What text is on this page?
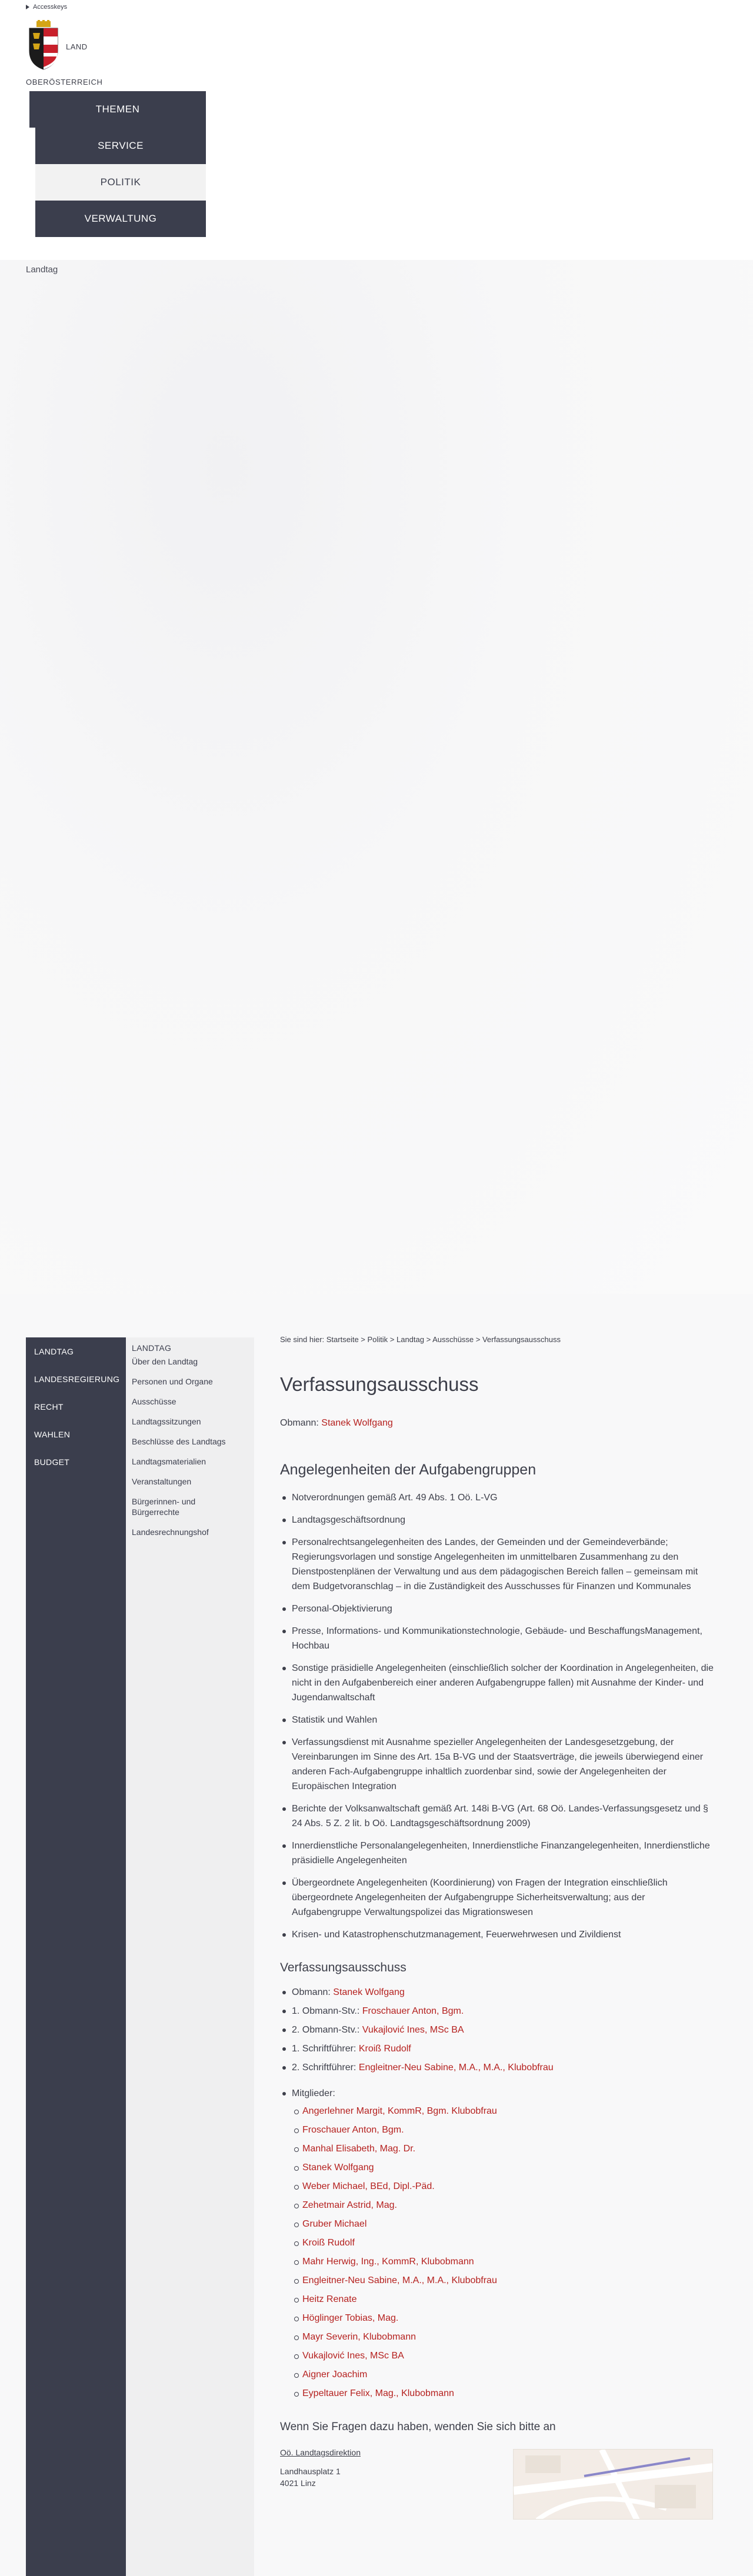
Accesskeys
LAND
OBERÖSTERREICH
THEMEN
SERVICE
POLITIK
VERWALTUNG
Landtag
LANDTAG
LANDESREGIERUNG
RECHT
WAHLEN
BUDGET
LANDTAG
Über den Landtag
Personen und Organe
Ausschüsse
Landtagssitzungen
Beschlüsse des Landtags
Landtagsmaterialien
Veranstaltungen
Bürgerinnen- und Bürgerrechte
Landesrechnungshof
Sie sind hier: Startseite > Politik > Landtag > Ausschüsse > Verfassungsausschuss
Verfassungsausschuss

Obmann: Stanek Wolfgang

Angelegenheiten der Aufgabengruppen
Notverordnungen gemäß Art. 49 Abs. 1 Oö. L-VG
Landtagsgeschäftsordnung
Personalrechtsangelegenheiten des Landes, der Gemeinden und der Gemeindeverbände; Regierungsvorlagen und sonstige Angelegenheiten im unmittelbaren Zusammenhang zu den Dienstpostenplänen der Verwaltung und aus dem pädagogischen Bereich fallen – gemeinsam mit dem Budgetvoranschlag – in die Zuständigkeit des Ausschusses für Finanzen und Kommunales
Personal-Objektivierung
Presse, Informations- und Kommunikationstechnologie, Gebäude- und BeschaffungsManagement, Hochbau
Sonstige präsidielle Angelegenheiten (einschließlich solcher der Koordination in Angelegenheiten, die nicht in den Aufgabenbereich einer anderen Aufgabengruppe fallen) mit Ausnahme der Kinder- und Jugendanwaltschaft
Statistik und Wahlen
Verfassungsdienst mit Ausnahme spezieller Angelegenheiten der Landesgesetzgebung, der Vereinbarungen im Sinne des Art. 15a B-VG und der Staatsverträge, die jeweils überwiegend einer anderen Fach-Aufgabengruppe inhaltlich zuordenbar sind, sowie der Angelegenheiten der Europäischen Integration
Berichte der Volksanwaltschaft gemäß Art. 148i B-VG (Art. 68 Oö. Landes-Verfassungsgesetz und § 24 Abs. 5 Z. 2 lit. b Oö. Landtagsgeschäftsordnung 2009)
Innerdienstliche Personalangelegenheiten, Innerdienstliche Finanzangelegenheiten, Innerdienstliche präsidielle Angelegenheiten
Übergeordnete Angelegenheiten (Koordinierung) von Fragen der Integration einschließlich übergeordnete Angelegenheiten der Aufgabengruppe Sicherheitsverwaltung; aus der Aufgabengruppe Verwaltungspolizei das Migrationswesen
Krisen- und Katastrophenschutzmanagement, Feuerwehrwesen und Zivildienst
Verfassungsausschuss
Obmann: Stanek Wolfgang
1. Obmann-Stv.: Froschauer Anton, Bgm.
2. Obmann-Stv.: Vukajlović Ines, MSc BA
1. Schriftführer: Kroiß Rudolf
2. Schriftführer: Engleitner-Neu Sabine, M.A., M.A., Klubobfrau
Mitglieder:
Angerlehner Margit, KommR, Bgm. Klubobfrau
Froschauer Anton, Bgm.
Manhal Elisabeth, Mag. Dr.
Stanek Wolfgang
Weber Michael, BEd, Dipl.-Päd.
Zehetmair Astrid, Mag.
Gruber Michael
Kroiß Rudolf
Mahr Herwig, Ing., KommR, Klubobmann
Engleitner-Neu Sabine, M.A., M.A., Klubobfrau
Heitz Renate
Höglinger Tobias, Mag.
Mayr Severin, Klubobmann
Vukajlović Ines, MSc BA
Aigner Joachim
Eypeltauer Felix, Mag., Klubobmann

Wenn Sie Fragen dazu haben, wenden Sie sich bitte an

Oö. Landtagsdirektion
Landhausplatz 1
4021 Linz
